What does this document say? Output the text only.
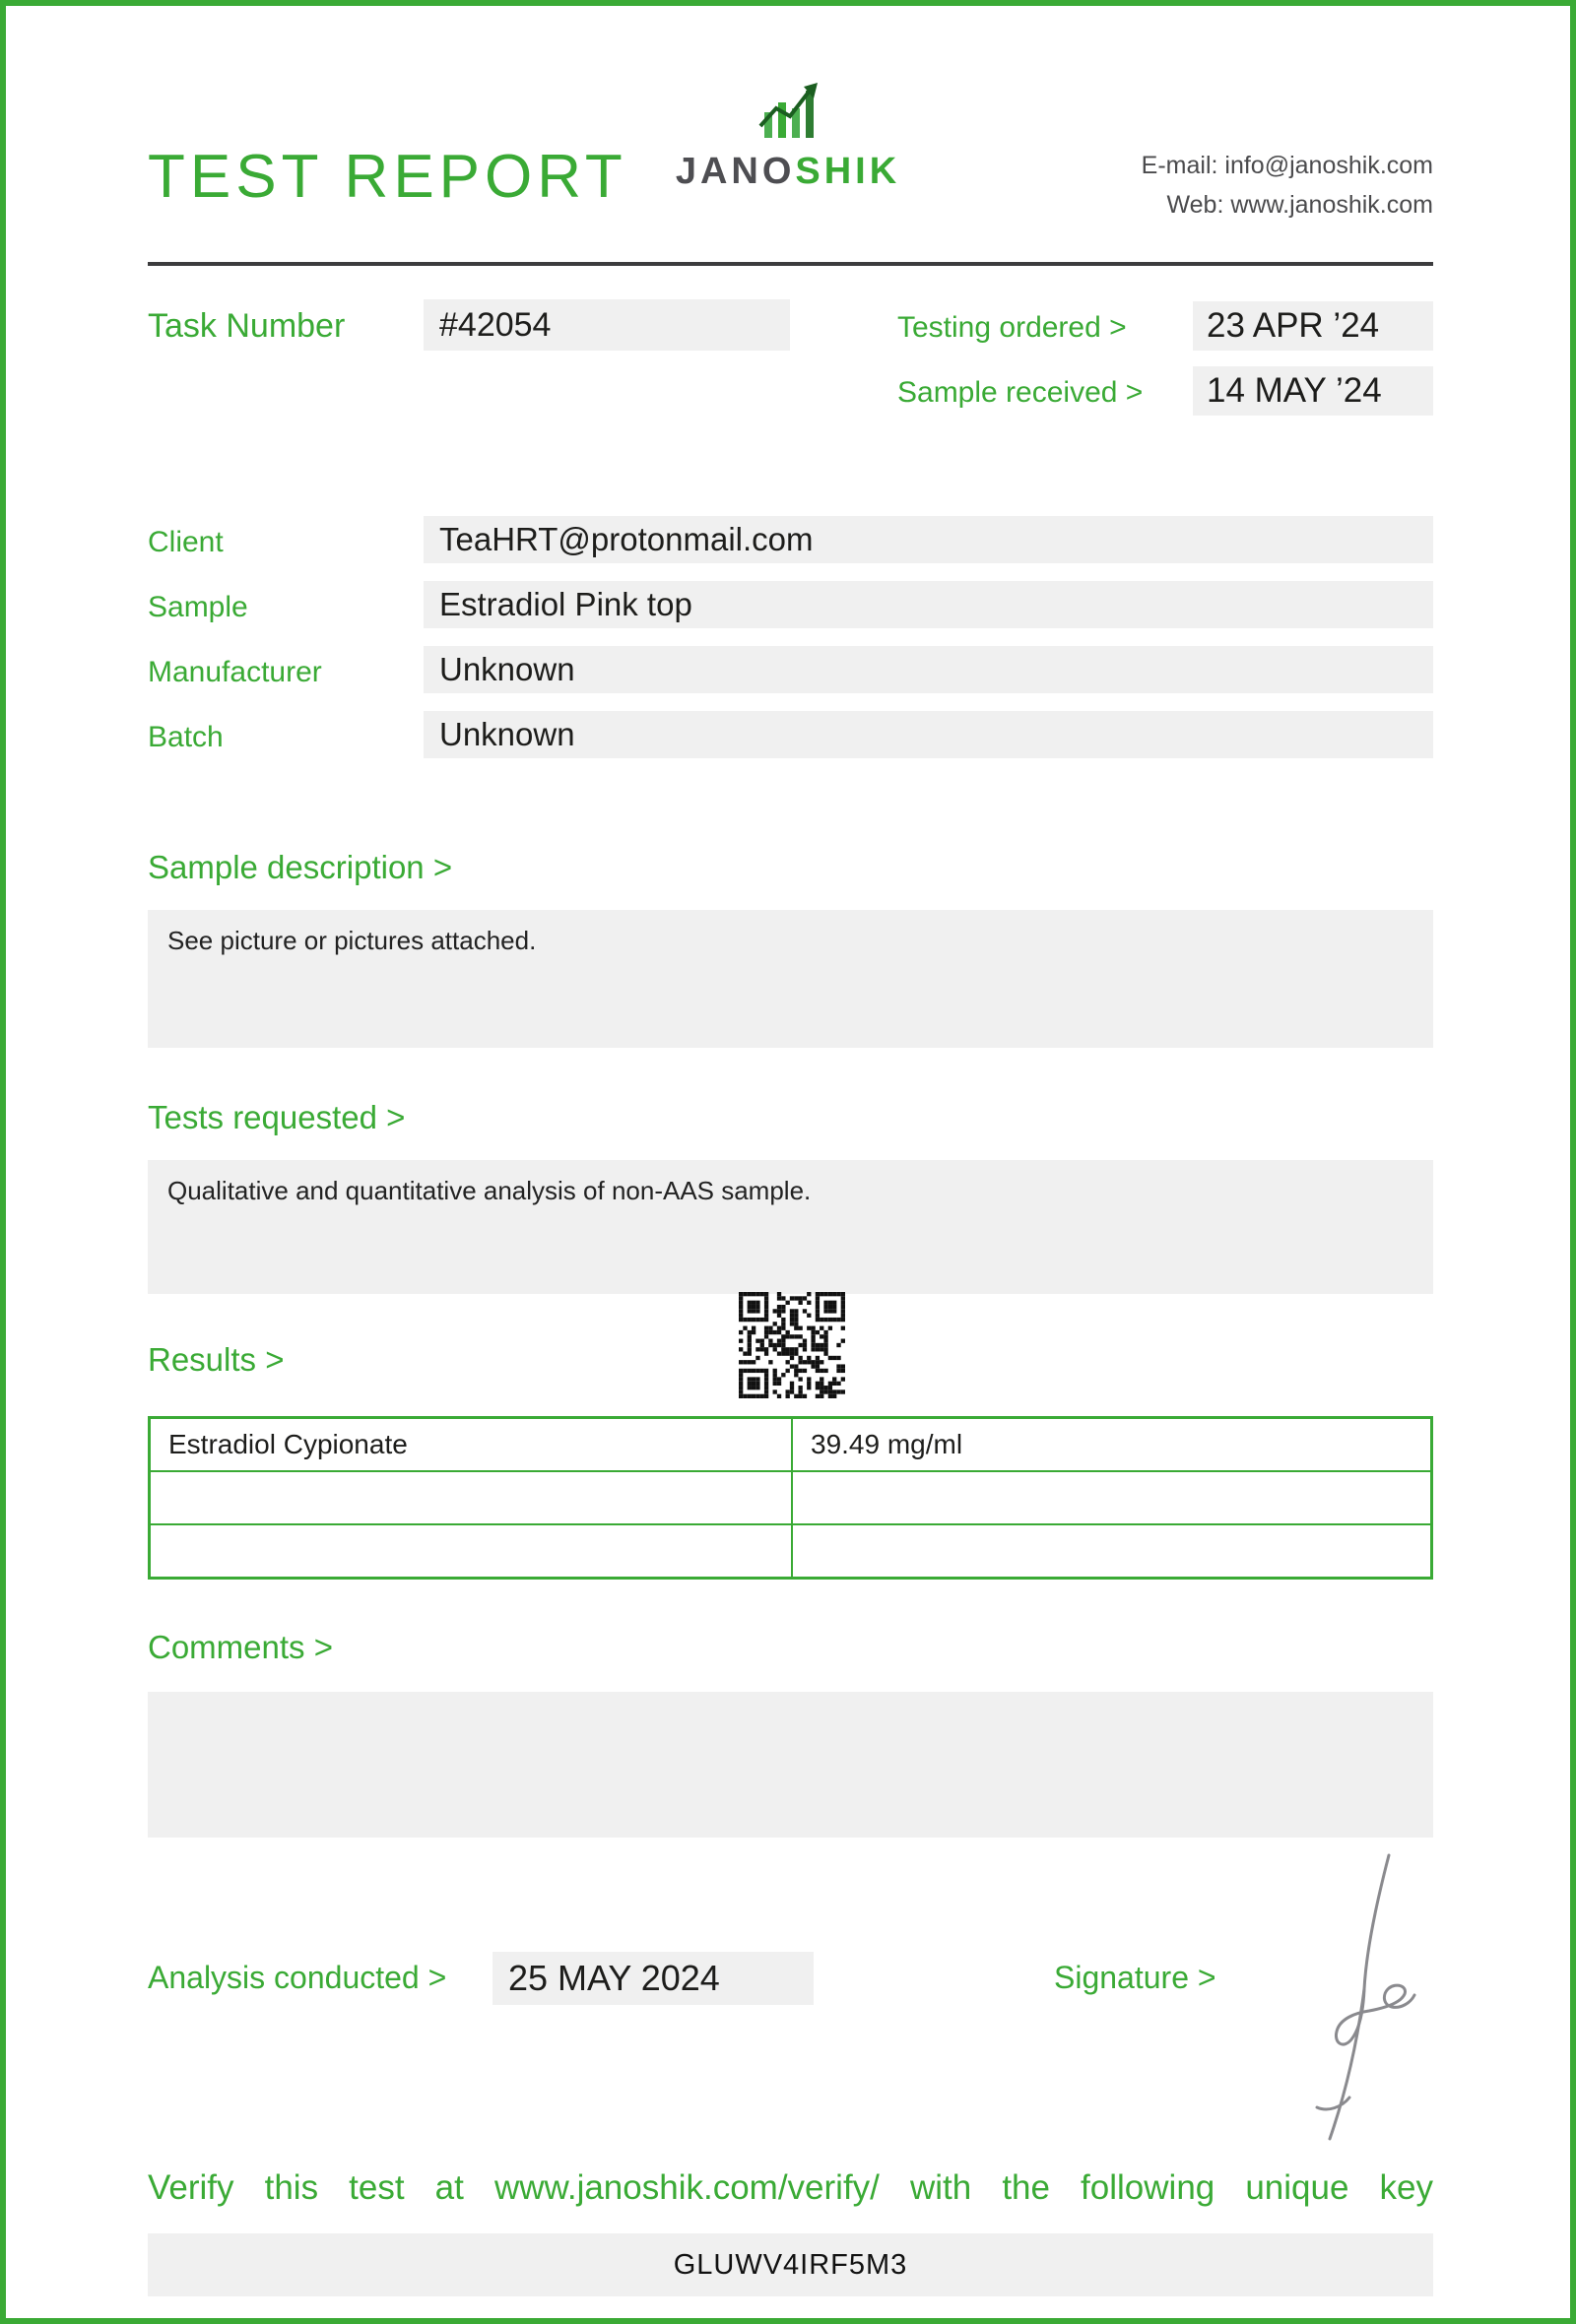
TEST REPORT	JANOSHIK	E-mail: info@janoshik.com
Web: www.janoshik.com
Task Number	#42054	Testing ordered >	23 APR ’24
Sample received >	14 MAY ’24
Client	TeaHRT@protonmail.com
Sample	Estradiol Pink top
Manufacturer	Unknown
Batch	Unknown
Sample description >
See picture or pictures attached.
Tests requested >
Qualitative and quantitative analysis of non-AAS sample.
Results >
Estradiol Cypionate	39.49 mg/ml
Comments >
Analysis conducted >	25 MAY 2024	Signature >
Verify this test at www.janoshik.com/verify/ with the following unique key
GLUWV4IRF5M3
